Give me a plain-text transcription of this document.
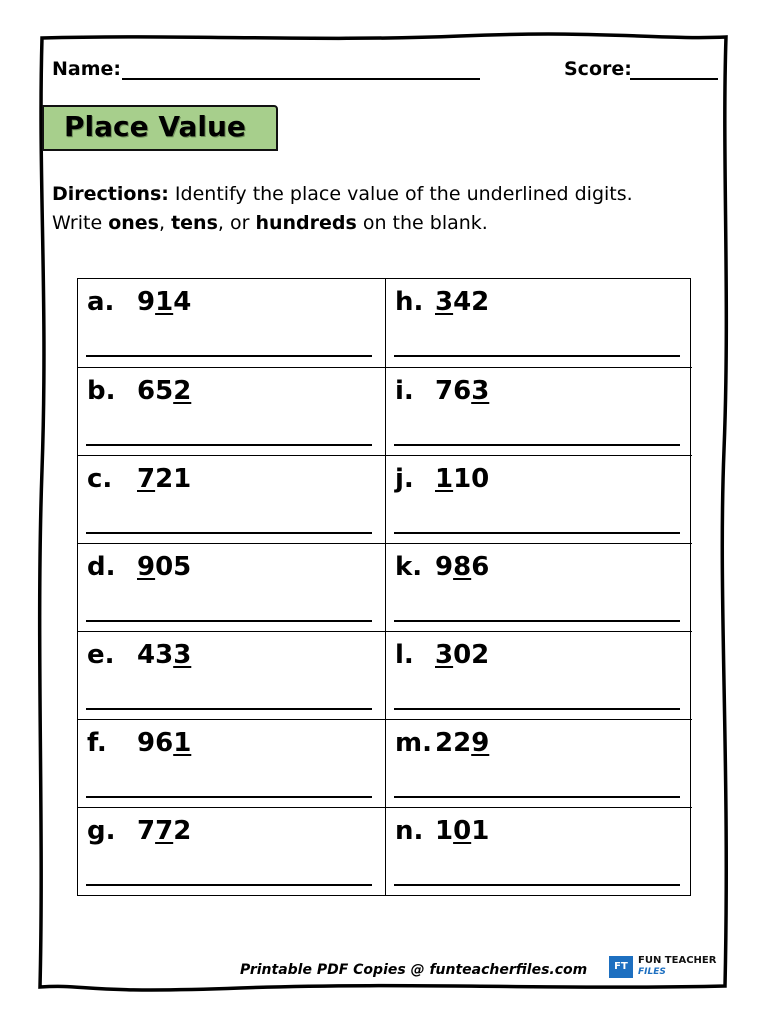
Name:	Score:
Place Value
Directions: Identify the place value of the underlined digits.
Write ones, tens, or hundreds on the blank.
a. 914	h. 342
b. 652	i. 763
c. 721	j. 110
d. 905	k. 986
e. 433	l. 302
f. 961	m. 229
g. 772	n. 101
Printable PDF Copies @ funteacherfiles.com	FT
FUN TEACHER
FILES
